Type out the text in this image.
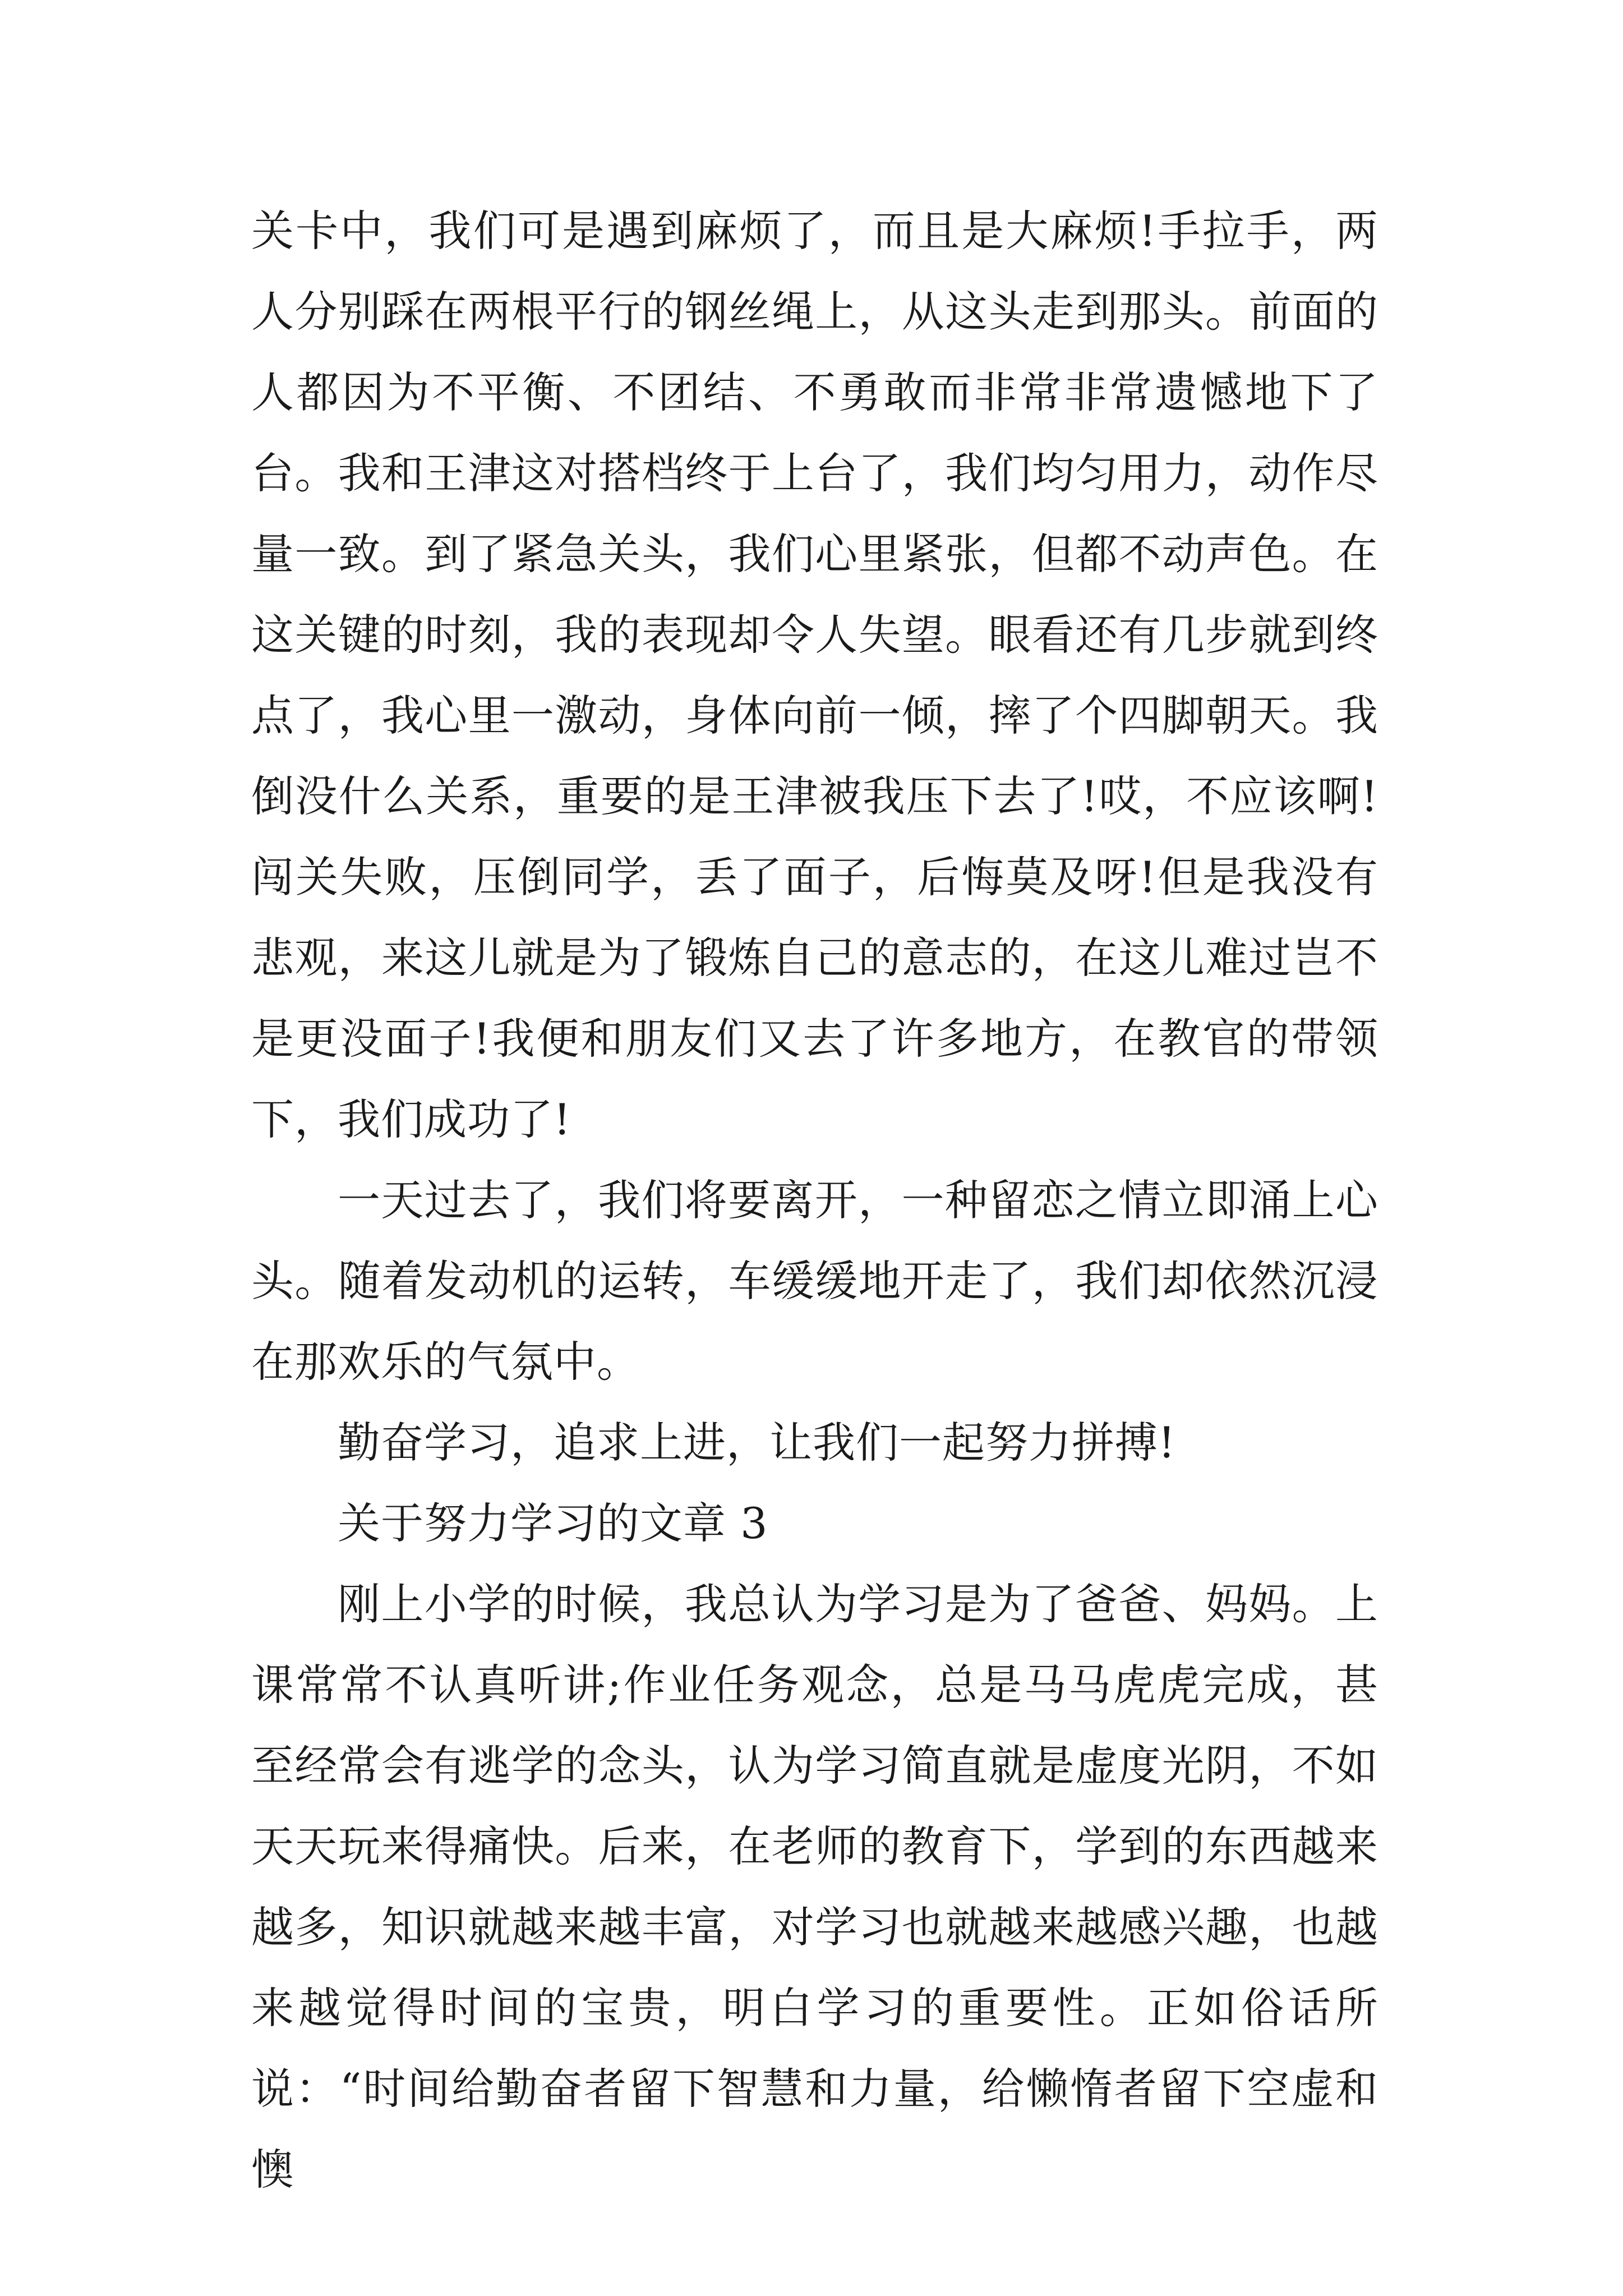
关卡中，我们可是遇到麻烦了，而且是大麻烦!手拉手，两人分别踩在两根平行的钢丝绳上，从这头走到那头。前面的人都因为不平衡、不团结、不勇敢而非常非常遗憾地下了台。我和王津这对搭档终于上台了，我们均匀用力，动作尽量一致。到了紧急关头，我们心里紧张，但都不动声色。在这关键的时刻，我的表现却令人失望。眼看还有几步就到终点了，我心里一激动，身体向前一倾，摔了个四脚朝天。我倒没什么关系，重要的是王津被我压下去了!哎，不应该啊!闯关失败，压倒同学，丢了面子，后悔莫及呀!但是我没有悲观，来这儿就是为了锻炼自己的意志的，在这儿难过岂不是更没面子!我便和朋友们又去了许多地方，在教官的带领下，我们成功了!

一天过去了，我们将要离开，一种留恋之情立即涌上心头。随着发动机的运转，车缓缓地开走了，我们却依然沉浸在那欢乐的气氛中。

勤奋学习，追求上进，让我们一起努力拼搏!

关于努力学习的文章 3

刚上小学的时候，我总认为学习是为了爸爸、妈妈。上课常常不认真听讲;作业任务观念，总是马马虎虎完成，甚至经常会有逃学的念头，认为学习简直就是虚度光阴，不如天天玩来得痛快。后来，在老师的教育下，学到的东西越来越多，知识就越来越丰富，对学习也就越来越感兴趣，也越来越觉得时间的宝贵，明白学习的重要性。正如俗话所说：“时间给勤奋者留下智慧和力量，给懒惰者留下空虚和懊
